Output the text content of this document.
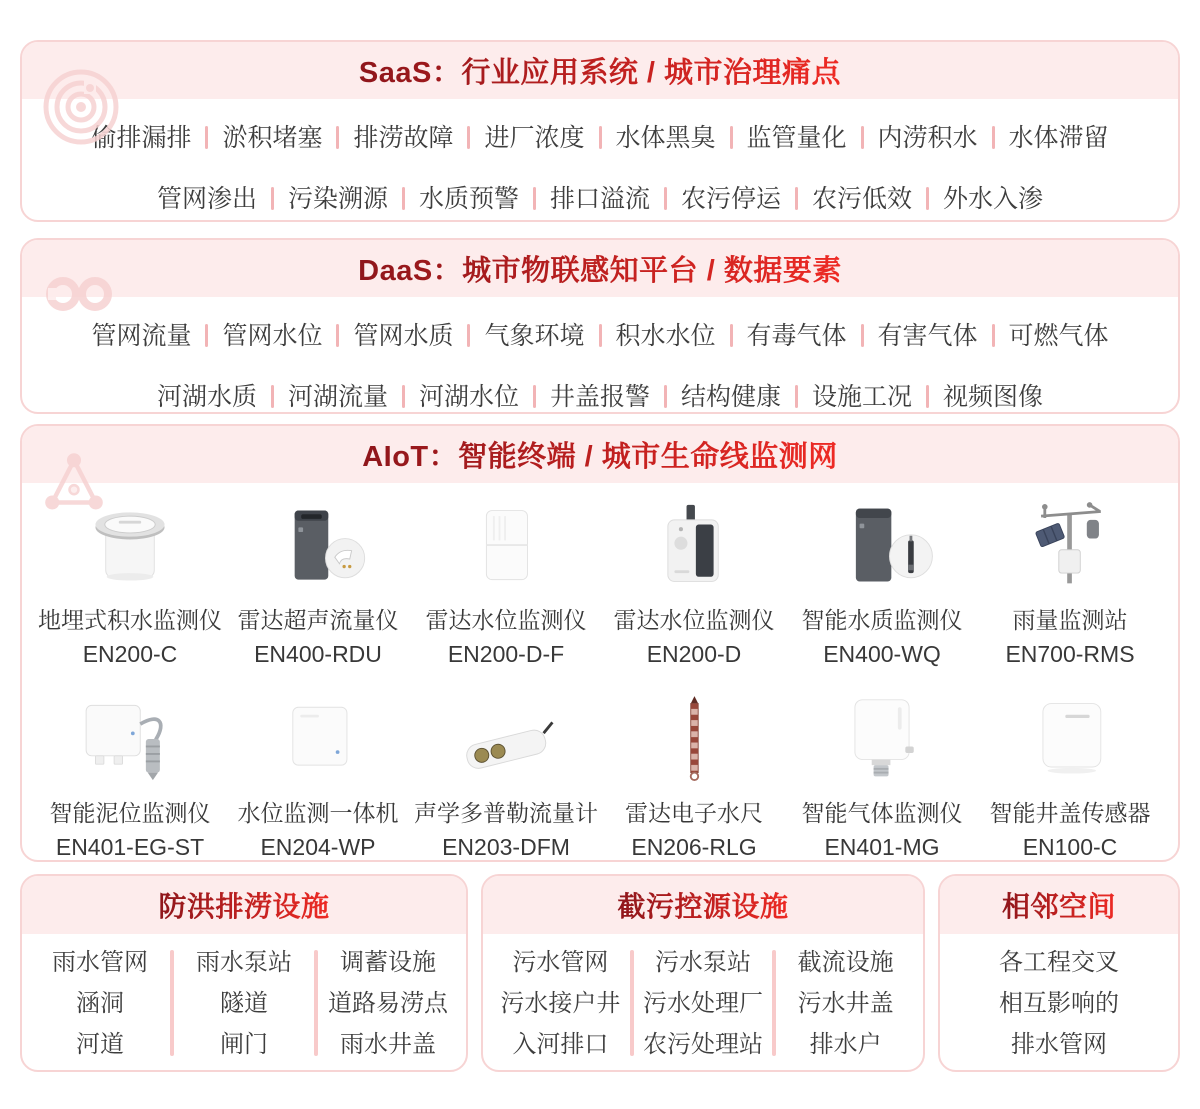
SaaS：行业应用系统 / 城市治理痛点
偷排漏排	淤积堵塞	排涝故障	进厂浓度	水体黑臭	监管量化	内涝积水	水体滞留
管网渗出	污染溯源	水质预警	排口溢流	农污停运	农污低效	外水入渗
DaaS：城市物联感知平台 / 数据要素
管网流量	管网水位	管网水质	气象环境	积水水位	有毒气体	有害气体	可燃气体
河湖水质	河湖流量	河湖水位	井盖报警	结构健康	设施工况	视频图像
AIoT：智能终端 / 城市生命线监测网
地埋式积水监测仪
EN200-C
雷达超声流量仪
EN400-RDU
雷达水位监测仪
EN200-D-F
雷达水位监测仪
EN200-D
智能水质监测仪
EN400-WQ
雨量监测站
EN700-RMS
智能泥位监测仪
EN401-EG-ST
水位监测一体机
EN204-WP
声学多普勒流量计
EN203-DFM
雷达电子水尺
EN206-RLG
智能气体监测仪
EN401-MG
智能井盖传感器
EN100-C
防洪排涝设施
雨水管网
涵洞
河道
雨水泵站
隧道
闸门
调蓄设施
道路易涝点
雨水井盖
截污控源设施
污水管网
污水接户井
入河排口
污水泵站
污水处理厂
农污处理站
截流设施
污水井盖
排水户
相邻空间
各工程交叉
相互影响的
排水管网
